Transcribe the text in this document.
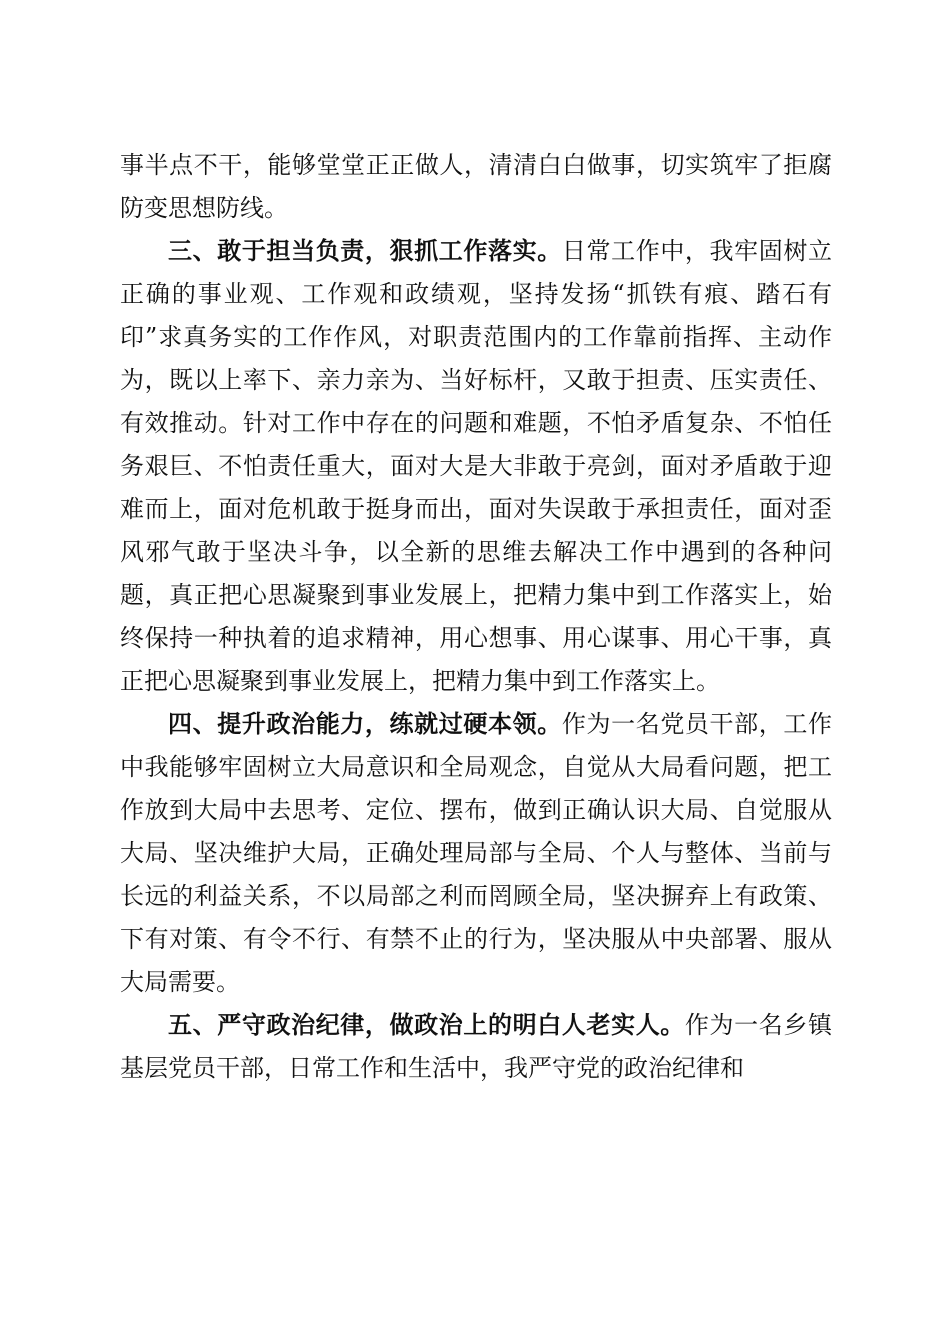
事半点不干，能够堂堂正正做人，清清白白做事，切实筑牢了拒腐防变思想防线。

三、敢于担当负责，狠抓工作落实。日常工作中，我牢固树立正确的事业观、工作观和政绩观，坚持发扬“抓铁有痕、踏石有印”求真务实的工作作风，对职责范围内的工作靠前指挥、主动作为，既以上率下、亲力亲为、当好标杆，又敢于担责、压实责任、有效推动。针对工作中存在的问题和难题，不怕矛盾复杂、不怕任务艰巨、不怕责任重大，面对大是大非敢于亮剑，面对矛盾敢于迎难而上，面对危机敢于挺身而出，面对失误敢于承担责任，面对歪风邪气敢于坚决斗争，以全新的思维去解决工作中遇到的各种问题，真正把心思凝聚到事业发展上，把精力集中到工作落实上，始终保持一种执着的追求精神，用心想事、用心谋事、用心干事，真正把心思凝聚到事业发展上，把精力集中到工作落实上。

四、提升政治能力，练就过硬本领。作为一名党员干部，工作中我能够牢固树立大局意识和全局观念，自觉从大局看问题，把工作放到大局中去思考、定位、摆布，做到正确认识大局、自觉服从大局、坚决维护大局，正确处理局部与全局、个人与整体、当前与长远的利益关系，不以局部之利而罔顾全局，坚决摒弃上有政策、下有对策、有令不行、有禁不止的行为，坚决服从中央部署、服从大局需要。

五、严守政治纪律，做政治上的明白人老实人。作为一名乡镇基层党员干部，日常工作和生活中，我严守党的政治纪律和
